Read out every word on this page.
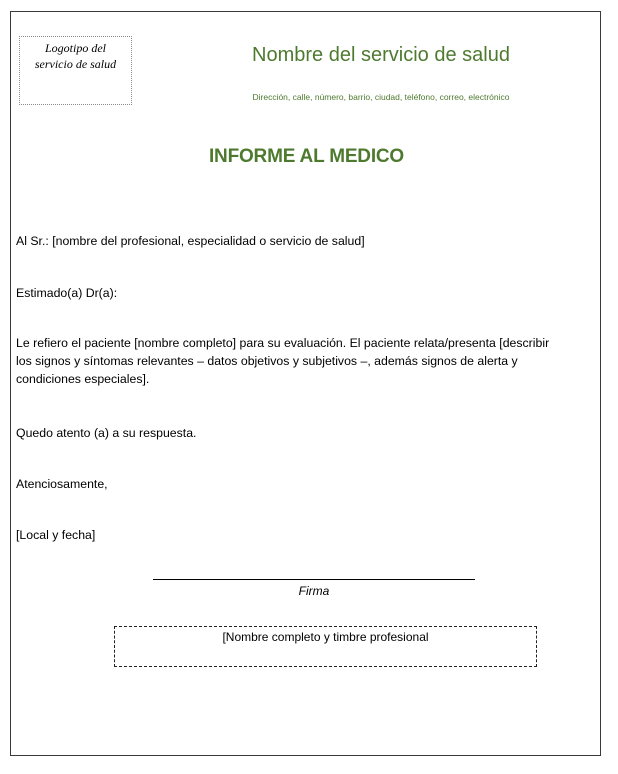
Logotipo del
servicio de salud	Nombre del servicio de salud
Dirección, calle, número, barrio, ciudad, teléfono, correo, electrónico
INFORME AL MEDICO

Al Sr.: [nombre del profesional, especialidad o servicio de salud]

Estimado(a) Dr(a):

Le refiero el paciente [nombre completo] para su evaluación. El paciente relata/presenta [describir los signos y síntomas relevantes – datos objetivos y subjetivos –, además signos de alerta y condiciones especiales].

Quedo atento (a) a su respuesta.

Atenciosamente,

[Local y fecha]

Firma
[Nombre completo y timbre profesional
